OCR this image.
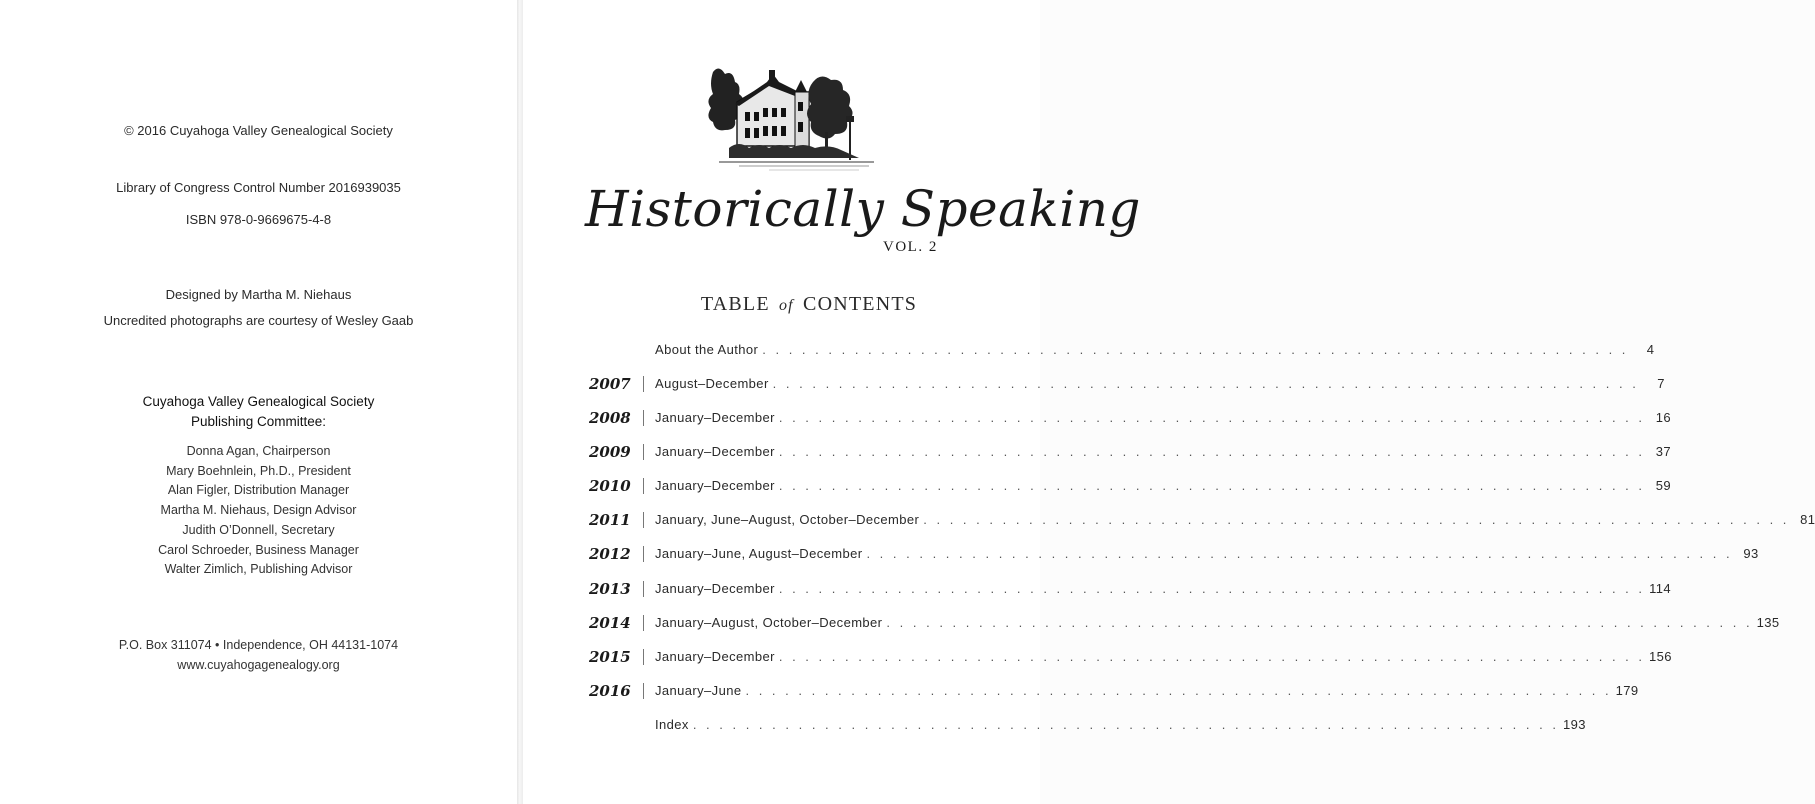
© 2016 Cuyahoga Valley Genealogical Society

Library of Congress Control Number 2016939035

ISBN 978-0-9669675-4-8

Designed by Martha M. Niehaus

Uncredited photographs are courtesy of Wesley Gaab

Cuyahoga Valley Genealogical Society

Publishing Committee:

Donna Agan, Chairperson

Mary Boehnlein, Ph.D., President

Alan Figler, Distribution Manager

Martha M. Niehaus, Design Advisor

Judith O’Donnell, Secretary

Carol Schroeder, Business Manager

Walter Zimlich, Publishing Advisor

P.O. Box 311074 • Independence, OH 44131-1074

www.cuyahogagenealogy.org

Historically Speaking
VOL. 2
TABLE of CONTENTS
About the Author . . .	4
2007	August–December . . .	7
2008	January–December . . .	16
2009	January–December . . .	37
2010	January–December . . .	59
2011	January, June–August, October–December . . .	81
2012	January–June, August–December . . .	93
2013	January–December . . .	114
2014	January–August, October–December . . .	135
2015	January–December . . .	156
2016	January–June . . .	179
Index . . .	193
